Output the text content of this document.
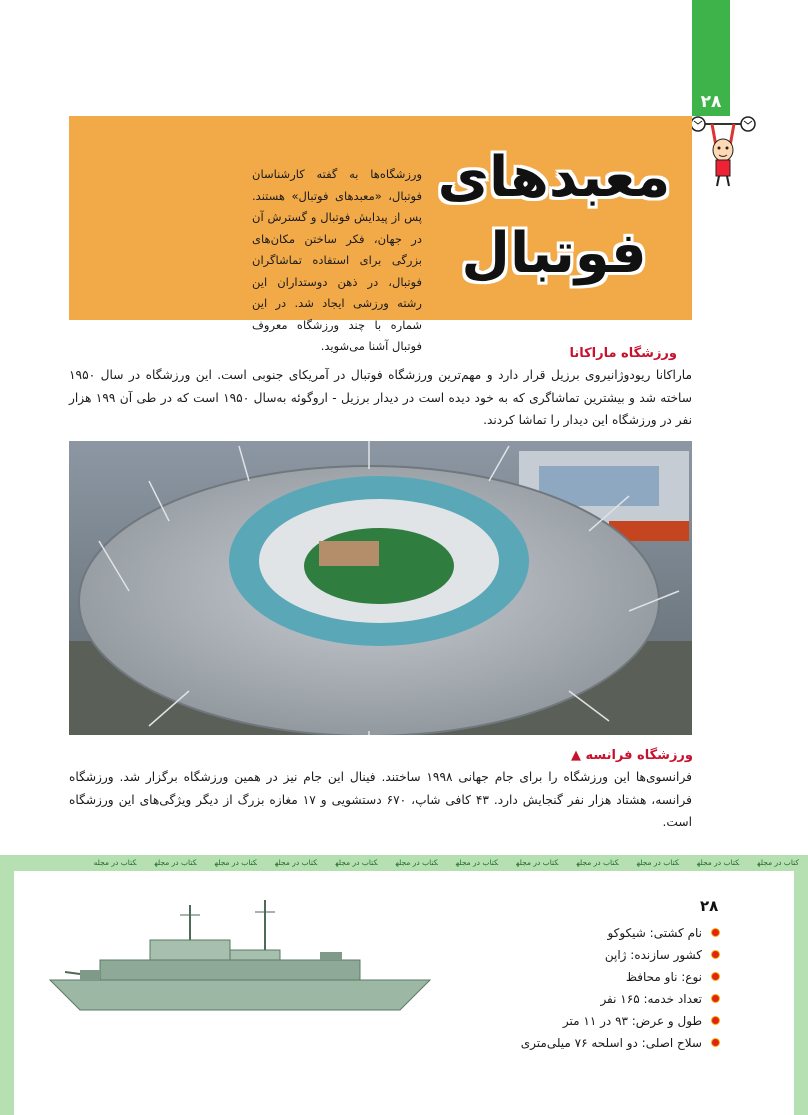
۲۸
ورزشگاه‌ها به گفته کارشناسان فوتبال، «معبدهای فوتبال» هستند. پس از پیدایش فوتبال و گسترش آن در جهان، فکر ساختن مکان‌های بزرگی برای استفاده تماشاگران فوتبال، در ذهن دوستداران این رشته ورزشی ایجاد شد. در این شماره با چند ورزشگاه معروف فوتبال آشنا می‌شوید.
معبدهای
فوتبال
ورزشگاه ماراکانا
ماراکانا ریودوژانیروی برزیل قرار دارد و مهم‌ترین ورزشگاه فوتبال در آمریکای جنوبی است. این ورزشگاه در سال ۱۹۵۰ ساخته شد و بیشترین تماشاگری که به خود دیده است در دیدار برزیل - اروگوئه به‌سال ۱۹۵۰ است که در طی آن ۱۹۹ هزار نفر در ورزشگاه این دیدار را تماشا کردند.
ورزشگاه فرانسه ▲
فرانسوی‌ها این ورزشگاه را برای جام جهانی ۱۹۹۸ ساختند. فینال این جام نیز در همین ورزشگاه برگزار شد. ورزشگاه فرانسه، هشتاد هزار نفر گنجایش دارد. ۴۳ کافی شاپ، ۶۷۰ دستشویی و ۱۷ مغازه بزرگ از دیگر ویژگی‌های این ورزشگاه است.
کتاب در مجلهکتاب در مجلهکتاب در مجلهکتاب در مجلهکتاب در مجلهکتاب در مجلهکتاب در مجلهکتاب در مجلهکتاب در مجلهکتاب در مجلهکتاب در مجلهکتاب در مجله
۲۸
نام کشتی: شیکوکو
کشور سازنده: ژاپن
نوع: ناو محافظ
تعداد خدمه: ۱۶۵ نفر
طول و عرض: ۹۳ در ۱۱ متر
سلاح اصلی: دو اسلحه ۷۶ میلی‌متری
